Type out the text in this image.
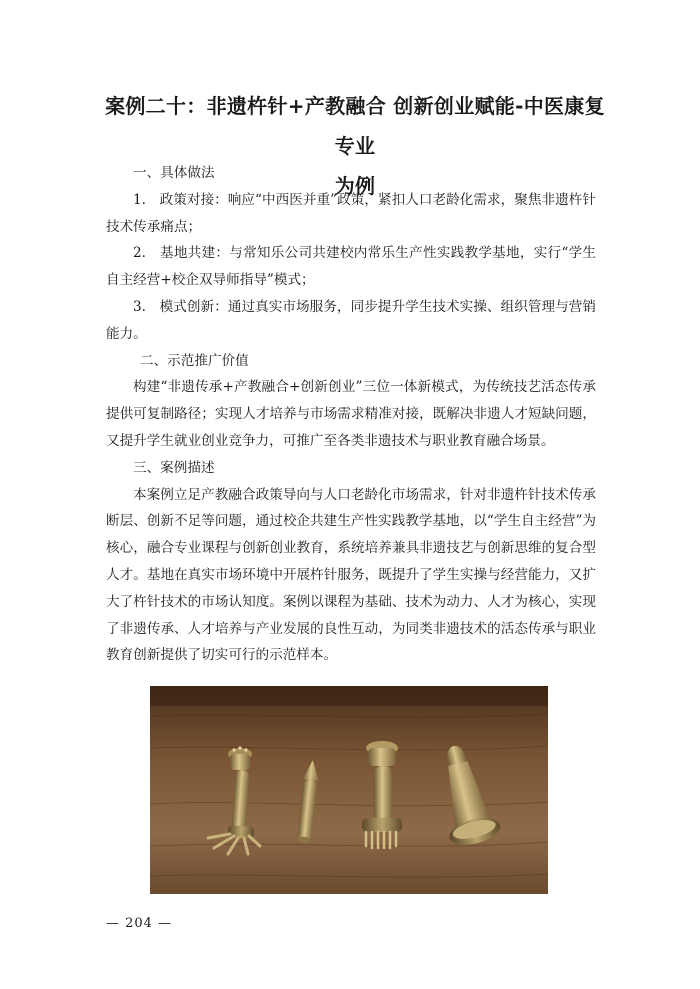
案例二十：非遗杵针+产教融合 创新创业赋能-中医康复专业
为例

一、具体做法

1.　政策对接：响应“中西医并重”政策，紧扣人口老龄化需求，聚焦非遗杵针技术传承痛点；

2.　基地共建：与常知乐公司共建校内常乐生产性实践教学基地，实行“学生自主经营+校企双导师指导”模式；

3.　模式创新：通过真实市场服务，同步提升学生技术实操、组织管理与营销能力。

二、示范推广价值

构建“非遗传承+产教融合+创新创业”三位一体新模式，为传统技艺活态传承提供可复制路径；实现人才培养与市场需求精准对接，既解决非遗人才短缺问题，又提升学生就业创业竞争力，可推广至各类非遗技术与职业教育融合场景。

三、案例描述

本案例立足产教融合政策导向与人口老龄化市场需求，针对非遗杵针技术传承断层、创新不足等问题，通过校企共建生产性实践教学基地，以“学生自主经营”为核心，融合专业课程与创新创业教育，系统培养兼具非遗技艺与创新思维的复合型人才。基地在真实市场环境中开展杵针服务，既提升了学生实操与经营能力，又扩大了杵针技术的市场认知度。案例以课程为基础、技术为动力、人才为核心，实现了非遗传承、人才培养与产业发展的良性互动，为同类非遗技术的活态传承与职业教育创新提供了切实可行的示范样本。

— 204 —
